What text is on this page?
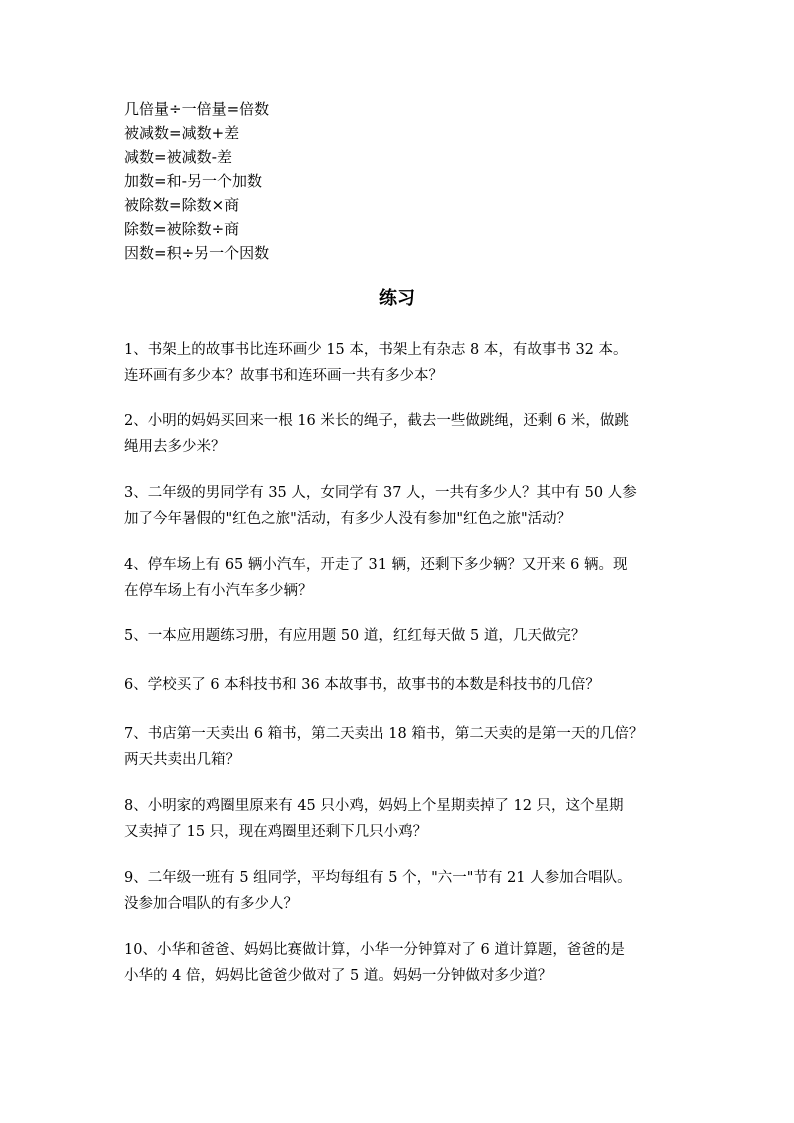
几倍量÷一倍量=倍数
被减数=减数+差
减数=被减数-差
加数=和-另一个加数
被除数=除数×商
除数=被除数÷商
因数=积÷另一个因数
练习
1、书架上的故事书比连环画少 15 本，书架上有杂志 8 本，有故事书 32 本。
连环画有多少本？故事书和连环画一共有多少本？
2、小明的妈妈买回来一根 16 米长的绳子，截去一些做跳绳，还剩 6 米，做跳
绳用去多少米？
3、二年级的男同学有 35 人，女同学有 37 人，一共有多少人？其中有 50 人参
加了今年暑假的"红色之旅"活动，有多少人没有参加"红色之旅"活动？
4、停车场上有 65 辆小汽车，开走了 31 辆，还剩下多少辆？又开来 6 辆。现
在停车场上有小汽车多少辆？
5、一本应用题练习册，有应用题 50 道，红红每天做 5 道，几天做完？
6、学校买了 6 本科技书和 36 本故事书，故事书的本数是科技书的几倍？
7、书店第一天卖出 6 箱书，第二天卖出 18 箱书，第二天卖的是第一天的几倍？
两天共卖出几箱？
8、小明家的鸡圈里原来有 45 只小鸡，妈妈上个星期卖掉了 12 只，这个星期
又卖掉了 15 只，现在鸡圈里还剩下几只小鸡？
9、二年级一班有 5 组同学，平均每组有 5 个，"六一"节有 21 人参加合唱队。
没参加合唱队的有多少人？
10、小华和爸爸、妈妈比赛做计算，小华一分钟算对了 6 道计算题，爸爸的是
小华的 4 倍，妈妈比爸爸少做对了 5 道。妈妈一分钟做对多少道？
